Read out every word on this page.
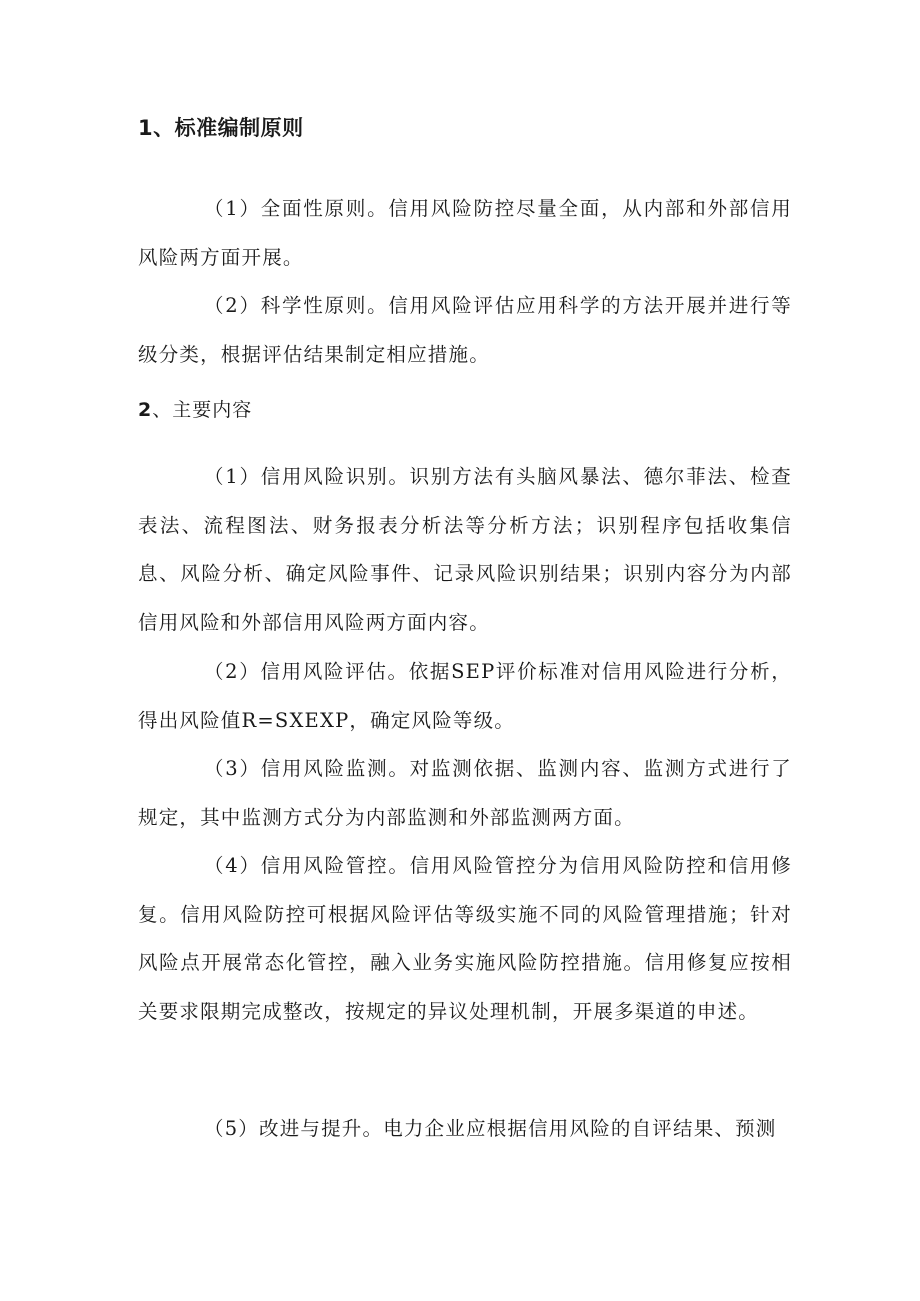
1、标准编制原则

（1）全面性原则。信用风险防控尽量全面，从内部和外部信用风险两方面开展。

（2）科学性原则。信用风险评估应用科学的方法开展并进行等级分类，根据评估结果制定相应措施。

2、主要内容

（1）信用风险识别。识别方法有头脑风暴法、德尔菲法、检查表法、流程图法、财务报表分析法等分析方法；识别程序包括收集信息、风险分析、确定风险事件、记录风险识别结果；识别内容分为内部信用风险和外部信用风险两方面内容。

（2）信用风险评估。依据SEP评价标准对信用风险进行分析，得出风险值R=SXEXP，确定风险等级。

（3）信用风险监测。对监测依据、监测内容、监测方式进行了规定，其中监测方式分为内部监测和外部监测两方面。

（4）信用风险管控。信用风险管控分为信用风险防控和信用修复。信用风险防控可根据风险评估等级实施不同的风险管理措施；针对风险点开展常态化管控，融入业务实施风险防控措施。信用修复应按相关要求限期完成整改，按规定的异议处理机制，开展多渠道的申述。

（5）改进与提升。电力企业应根据信用风险的自评结果、预测
